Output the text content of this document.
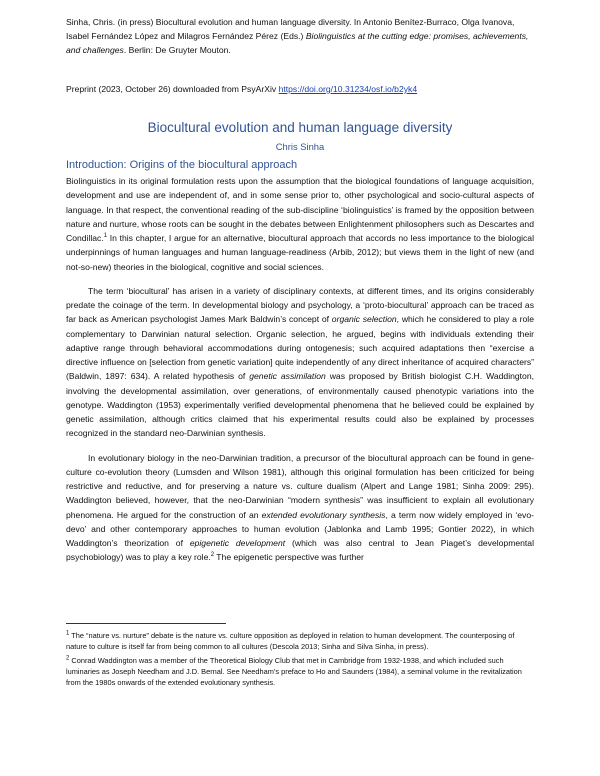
Sinha, Chris. (in press) Biocultural evolution and human language diversity. In Antonio Benítez-Burraco, Olga Ivanova, Isabel Fernández López and Milagros Fernández Pérez (Eds.) Biolinguistics at the cutting edge: promises, achievements, and challenges. Berlin: De Gruyter Mouton.
Preprint (2023, October 26) downloaded from PsyArXiv https://doi.org/10.31234/osf.io/b2yk4
Biocultural evolution and human language diversity
Chris Sinha
Introduction: Origins of the biocultural approach

Biolinguistics in its original formulation rests upon the assumption that the biological foundations of language acquisition, development and use are independent of, and in some sense prior to, other psychological and socio-cultural aspects of language. In that respect, the conventional reading of the sub-discipline ‘biolinguistics’ is framed by the opposition between nature and nurture, whose roots can be sought in the debates between Enlightenment philosophers such as Descartes and Condillac.$^1$ In this chapter, I argue for an alternative, biocultural approach that accords no less importance to the biological underpinnings of human languages and human language-readiness (Arbib, 2012); but views them in the light of new (and not-so-new) theories in the biological, cognitive and social sciences.

The term ‘biocultural’ has arisen in a variety of disciplinary contexts, at different times, and its origins considerably predate the coinage of the term. In developmental biology and psychology, a ‘proto-biocultural’ approach can be traced as far back as American psychologist James Mark Baldwin’s concept of organic selection, which he considered to play a role complementary to Darwinian natural selection. Organic selection, he argued, begins with individuals extending their adaptive range through behavioral accommodations during ontogenesis; such acquired adaptations then “exercise a directive influence on [selection from genetic variation] quite independently of any direct inheritance of acquired characters” (Baldwin, 1897: 634). A related hypothesis of genetic assimilation was proposed by British biologist C.H. Waddington, involving the developmental assimilation, over generations, of environmentally caused phenotypic variations into the genotype. Waddington (1953) experimentally verified developmental phenomena that he believed could be explained by genetic assimilation, although critics claimed that his experimental results could also be explained by processes recognized in the standard neo-Darwinian synthesis.

In evolutionary biology in the neo-Darwinian tradition, a precursor of the biocultural approach can be found in gene-culture co-evolution theory (Lumsden and Wilson 1981), although this original formulation has been criticized for being restrictive and reductive, and for preserving a nature vs. culture dualism (Alpert and Lange 1981; Sinha 2009: 295). Waddington believed, however, that the neo-Darwinian “modern synthesis” was insufficient to explain all evolutionary phenomena. He argued for the construction of an extended evolutionary synthesis, a term now widely employed in ‘evo-devo’ and other contemporary approaches to human evolution (Jablonka and Lamb 1995; Gontier 2022), in which Waddington’s theorization of epigenetic development (which was also central to Jean Piaget’s developmental psychobiology) was to play a key role.$^2$ The epigenetic perspective was further

$^1$ The “nature vs. nurture” debate is the nature vs. culture opposition as deployed in relation to human development. The counterposing of nature to culture is itself far from being common to all cultures (Descola 2013; Sinha and Silva Sinha, in press).

$^2$ Conrad Waddington was a member of the Theoretical Biology Club that met in Cambridge from 1932-1938, and which included such luminaries as Joseph Needham and J.D. Bernal. See Needham’s preface to Ho and Saunders (1984), a seminal volume in the revitalization from the 1980s onwards of the extended evolutionary synthesis.
